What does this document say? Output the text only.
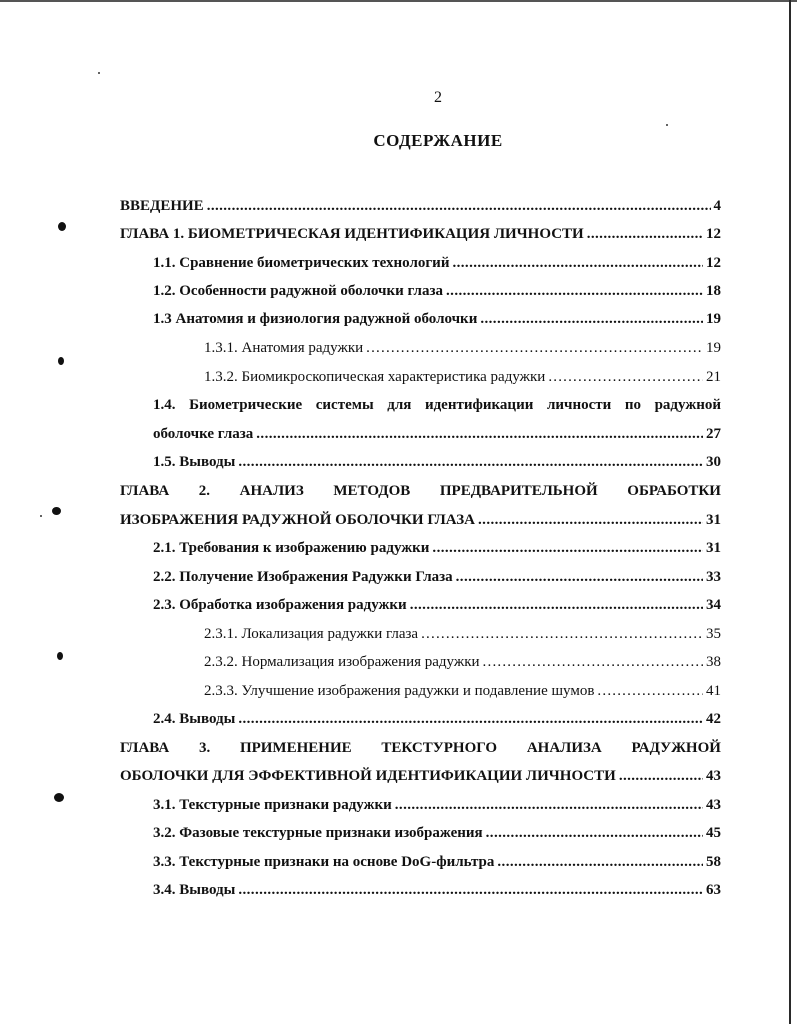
2
СОДЕРЖАНИЕ
ВВЕДЕНИЕ .....	4
ГЛАВА 1. БИОМЕТРИЧЕСКАЯ ИДЕНТИФИКАЦИЯ ЛИЧНОСТИ .....	12
1.1. Сравнение биометрических технологий .....	12
1.2. Особенности радужной оболочки глаза .....	18
1.3 Анатомия и физиология радужной оболочки .....	19
1.3.1. Анатомия радужки .....	19
1.3.2. Биомикроскопическая характеристика радужки .....	21
1.4. Биометрические системы для идентификации личности по радужной
оболочке глаза .....	27
1.5. Выводы .....	30
ГЛАВА 2. АНАЛИЗ МЕТОДОВ ПРЕДВАРИТЕЛЬНОЙ ОБРАБОТКИ
ИЗОБРАЖЕНИЯ РАДУЖНОЙ ОБОЛОЧКИ ГЛАЗА .....	31
2.1. Требования к изображению радужки .....	31
2.2. Получение Изображения Радужки Глаза .....	33
2.3. Обработка изображения радужки .....	34
2.3.1. Локализация радужки глаза .....	35
2.3.2. Нормализация изображения радужки .....	38
2.3.3. Улучшение изображения радужки и подавление шумов .....	41
2.4. Выводы .....	42
ГЛАВА 3. ПРИМЕНЕНИЕ ТЕКСТУРНОГО АНАЛИЗА РАДУЖНОЙ
ОБОЛОЧКИ ДЛЯ ЭФФЕКТИВНОЙ ИДЕНТИФИКАЦИИ ЛИЧНОСТИ .....	43
3.1. Текстурные признаки радужки .....	43
3.2. Фазовые текстурные признаки изображения .....	45
3.3. Текстурные признаки на основе DoG-фильтра .....	58
3.4. Выводы .....	63
